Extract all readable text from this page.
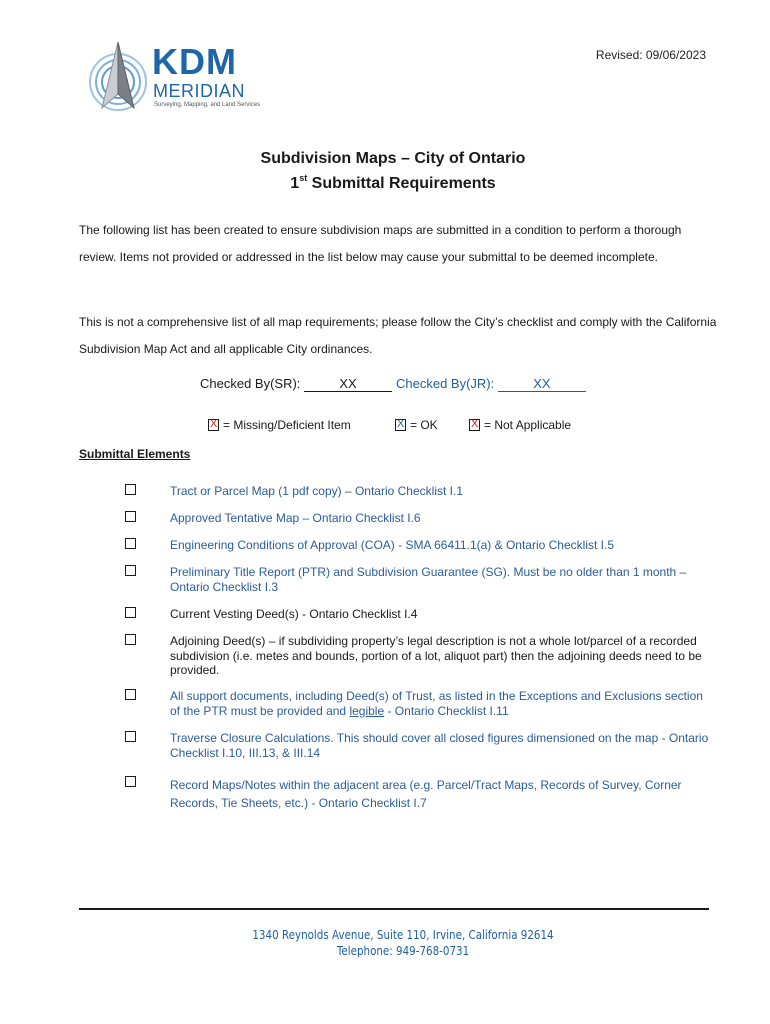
KDM
MERIDIAN
Surveying, Mapping, and Land Services
Revised: 09/06/2023
Subdivision Maps – City of Ontario
1st Submittal Requirements
The following list has been created to ensure subdivision maps are submitted in a condition to perform a thorough review. Items not provided or addressed in the list below may cause your submittal to be deemed incomplete.
This is not a comprehensive list of all map requirements; please follow the City’s checklist and comply with the California Subdivision Map Act and all applicable City ordinances.
Checked By(SR):	XX	Checked By(JR):	XX
X= Missing/Deficient Item X	= OK X	= Not Applicable
Submittal Elements
Tract or Parcel Map (1 pdf copy) – Ontario Checklist I.1
Approved Tentative Map – Ontario Checklist I.6
Engineering Conditions of Approval (COA) - SMA 66411.1(a) & Ontario Checklist I.5
Preliminary Title Report (PTR) and Subdivision Guarantee (SG). Must be no older than 1 month – Ontario Checklist I.3
Current Vesting Deed(s) - Ontario Checklist I.4
Adjoining Deed(s) – if subdividing property’s legal description is not a whole lot/parcel of a recorded subdivision (i.e. metes and bounds, portion of a lot, aliquot part) then the adjoining deeds need to be provided.
All support documents, including Deed(s) of Trust, as listed in the Exceptions and Exclusions section of the PTR must be provided and legible - Ontario Checklist I.11
Traverse Closure Calculations. This should cover all closed figures dimensioned on the map - Ontario Checklist I.10, III.13, & III.14
Record Maps/Notes within the adjacent area (e.g. Parcel/Tract Maps, Records of Survey, Corner Records, Tie Sheets, etc.) - Ontario Checklist I.7
1340 Reynolds Avenue, Suite 110, Irvine, California 92614
Telephone: 949-768-0731
